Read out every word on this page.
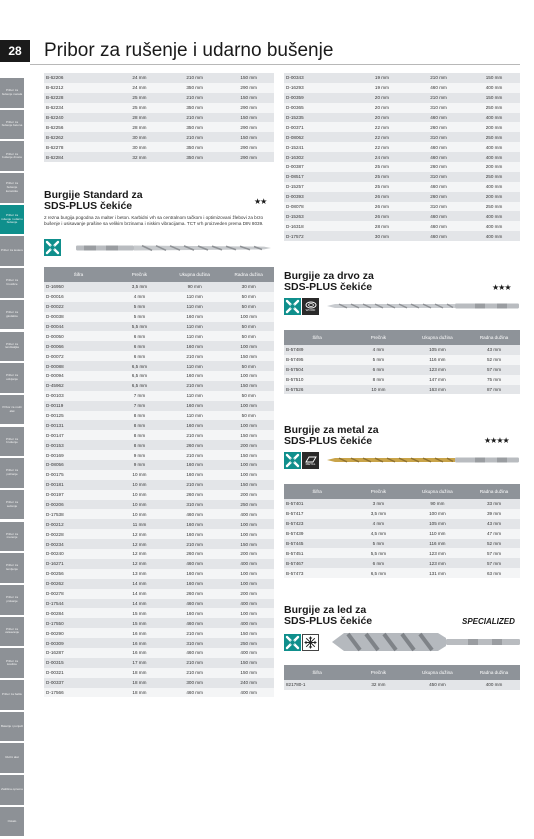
Pribor za bušenje metala
Pribor za bušenje betona
Pribor za bušenje drveta
Pribor za bušenje keramike
Pribor za rušenje i udarno bušenje
Pribor za testere
Pribor za brusilice
Pribor za glodalice
Pribor za rendisaljke
Pribor za odvijanje
Pribor za multi alat
Pribor za brušenje
Pribor za poliranje
Pribor za sečenje
Pribor za merenje
Pribor za lemljenje
Pribor za prskanje
Pribor za usisavanje
Pribor za kosilice
Pribor za baštu
Baterije i punjači
Ručni alat
Zaštitna oprema
Ostalo
28	Pribor za rušenje i udarno bušenje
B-62206	24 mm	210 mm	150 mm
B-62212	24 mm	350 mm	290 mm
B-62228	25 mm	210 mm	150 mm
B-62234	25 mm	350 mm	290 mm
B-62240	28 mm	210 mm	150 mm
B-62256	28 mm	350 mm	290 mm
B-62262	30 mm	210 mm	150 mm
B-62278	30 mm	350 mm	290 mm
B-62284	32 mm	350 mm	290 mm
D-00343	19 mm	210 mm	150 mm
D-16293	19 mm	460 mm	400 mm
D-00359	20 mm	210 mm	150 mm
D-00365	20 mm	310 mm	250 mm
D-15235	20 mm	460 mm	400 mm
D-00371	22 mm	260 mm	200 mm
D-08062	22 mm	310 mm	250 mm
D-15241	22 mm	460 mm	400 mm
D-16302	24 mm	460 mm	400 mm
D-00387	25 mm	260 mm	200 mm
D-08517	25 mm	310 mm	250 mm
D-15257	25 mm	460 mm	400 mm
D-00393	26 mm	260 mm	200 mm
D-08078	26 mm	310 mm	250 mm
D-15263	26 mm	460 mm	400 mm
D-16318	28 mm	460 mm	400 mm
D-17572	30 mm	460 mm	400 mm
Burgije Standard za
SDS-PLUS čekiće	★★
2 rezna burgija pogodna za malter i beton. Karbidni vrh sa centralnom tačkom i optimizovani žlebovi za brzo bušenje i usisavanje prašine sa velikim brzinama i niskim vibracijama. TCT vrh proizveden prema DIN 8039.
Šifra	Prečnik	Ukupna dužina	Radna dužina
D-16950	3,5 mm	90 mm	30 mm
D-00016	4 mm	110 mm	50 mm
D-00022	5 mm	110 mm	50 mm
D-00038	5 mm	160 mm	100 mm
D-00044	5,5 mm	110 mm	50 mm
D-00050	6 mm	110 mm	50 mm
D-00066	6 mm	160 mm	100 mm
D-00072	6 mm	210 mm	150 mm
D-00088	6,5 mm	110 mm	50 mm
D-00094	6,5 mm	160 mm	100 mm
D-45962	6,5 mm	210 mm	150 mm
D-00103	7 mm	110 mm	50 mm
D-00119	7 mm	160 mm	100 mm
D-00125	8 mm	110 mm	50 mm
D-00131	8 mm	160 mm	100 mm
D-00147	8 mm	210 mm	150 mm
D-00153	8 mm	260 mm	200 mm
D-00169	9 mm	210 mm	150 mm
D-08056	9 mm	160 mm	100 mm
D-00175	10 mm	160 mm	100 mm
D-00181	10 mm	210 mm	150 mm
D-00197	10 mm	260 mm	200 mm
D-00206	10 mm	310 mm	250 mm
D-17538	10 mm	460 mm	400 mm
D-00212	11 mm	160 mm	100 mm
D-00228	12 mm	160 mm	100 mm
D-00234	12 mm	210 mm	150 mm
D-00240	12 mm	260 mm	200 mm
D-16271	12 mm	460 mm	400 mm
D-00256	13 mm	160 mm	100 mm
D-00262	14 mm	160 mm	100 mm
D-00278	14 mm	260 mm	200 mm
D-17544	14 mm	460 mm	400 mm
D-00284	15 mm	160 mm	100 mm
D-17550	15 mm	460 mm	400 mm
D-00290	16 mm	210 mm	150 mm
D-00309	16 mm	310 mm	250 mm
D-16287	16 mm	460 mm	400 mm
D-00315	17 mm	210 mm	150 mm
D-00321	18 mm	210 mm	150 mm
D-00337	18 mm	300 mm	240 mm
D-17566	18 mm	460 mm	400 mm
Burgije za drvo za
SDS-PLUS čekiće	★★★
WOOD
Šifra	Prečnik	Ukupna dužina	Radna dužina
B-57489	4 mm	105 mm	43 mm
B-57495	5 mm	116 mm	52 mm
B-57504	6 mm	123 mm	57 mm
B-57510	8 mm	147 mm	75 mm
B-57526	10 mm	163 mm	87 mm
Burgije za metal za
SDS-PLUS čekiće	★★★★
METAL
Šifra	Prečnik	Ukupna dužina	Radna dužina
B-57401	3 mm	90 mm	33 mm
B-57417	3,5 mm	100 mm	39 mm
B-57423	4 mm	105 mm	43 mm
B-57439	4,5 mm	110 mm	47 mm
B-57445	5 mm	116 mm	52 mm
B-57451	5,5 mm	123 mm	57 mm
B-57467	6 mm	123 mm	57 mm
B-57473	6,5 mm	131 mm	63 mm
Burgije za led za
SDS-PLUS čekiće	SPECIALIZED
Šifra	Prečnik	Ukupna dužina	Radna dužina
821780-1	32 mm	450 mm	400 mm
